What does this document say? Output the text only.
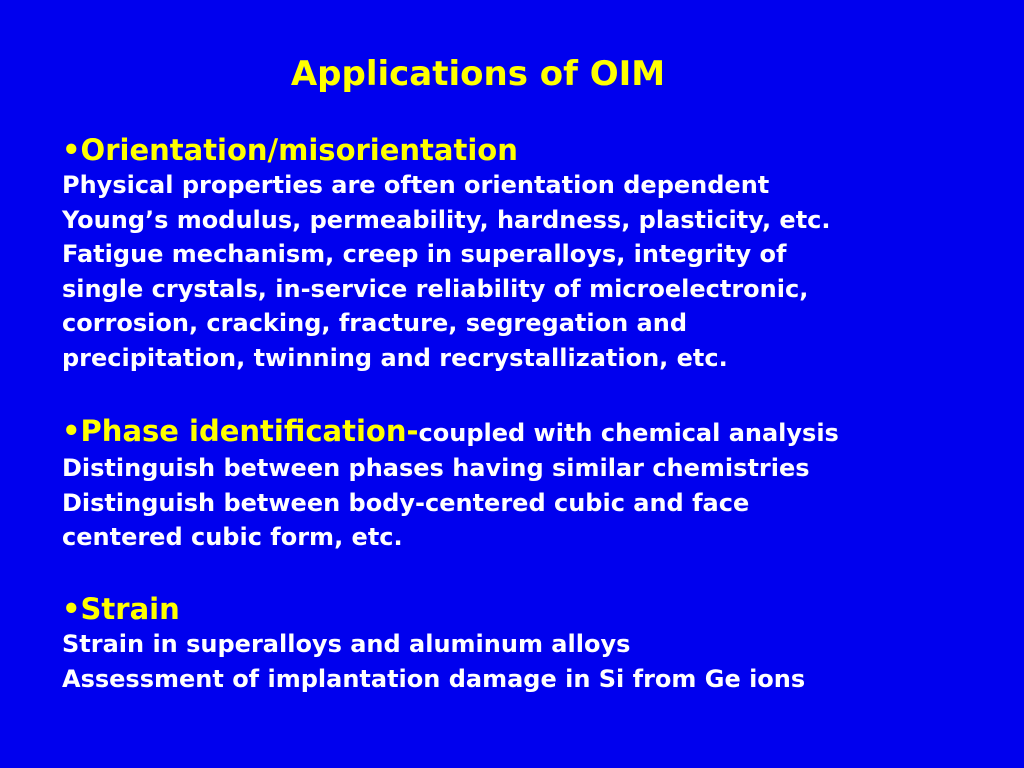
Applications of OIM
•Orientation/misorientation
Physical properties are often orientation dependent
Young’s modulus, permeability, hardness, plasticity, etc.
Fatigue mechanism, creep in superalloys, integrity of
single crystals, in-service reliability of microelectronic,
corrosion, cracking, fracture, segregation and
precipitation, twinning and recrystallization, etc.
•Phase identification-coupled with chemical analysis
Distinguish between phases having similar chemistries
Distinguish between body-centered cubic and face
centered cubic form, etc.
•Strain
Strain in superalloys and aluminum alloys
Assessment of implantation damage in Si from Ge ions
